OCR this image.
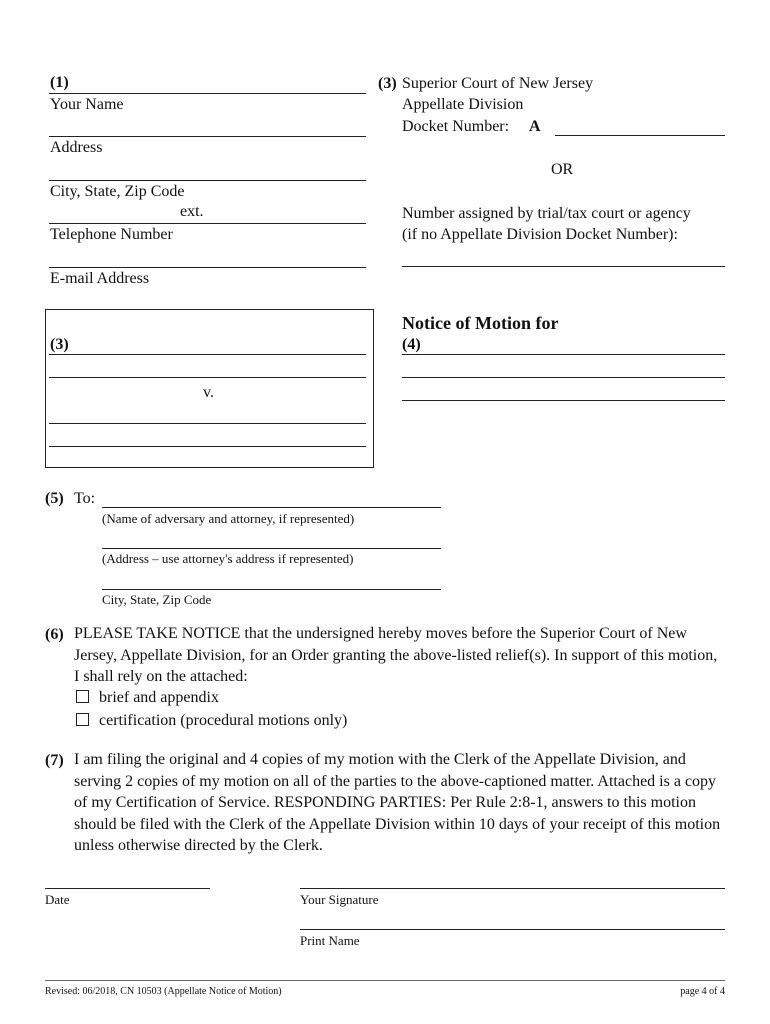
(1)
Your Name
Address
City, State, Zip Code
ext.
Telephone Number
E-mail Address
(3) Superior Court of New Jersey
Appellate Division
Docket Number: A
OR
Number assigned by trial/tax court or agency
(if no Appellate Division Docket Number):
(3)
v.
Notice of Motion for
(4)
(5) To:
(Name of adversary and attorney, if represented)
(Address – use attorney's address if represented)
City, State, Zip Code
(6) PLEASE TAKE NOTICE that the undersigned hereby moves before the Superior Court of New Jersey, Appellate Division, for an Order granting the above-listed relief(s). In support of this motion, I shall rely on the attached:
brief and appendix
certification (procedural motions only)
(7) I am filing the original and 4 copies of my motion with the Clerk of the Appellate Division, and serving 2 copies of my motion on all of the parties to the above-captioned matter. Attached is a copy of my Certification of Service. RESPONDING PARTIES: Per Rule 2:8-1, answers to this motion should be filed with the Clerk of the Appellate Division within 10 days of your receipt of this motion unless otherwise directed by the Clerk.
Date	Your Signature
Print Name
Revised: 06/2018, CN 10503 (Appellate Notice of Motion)	page 4 of 4
